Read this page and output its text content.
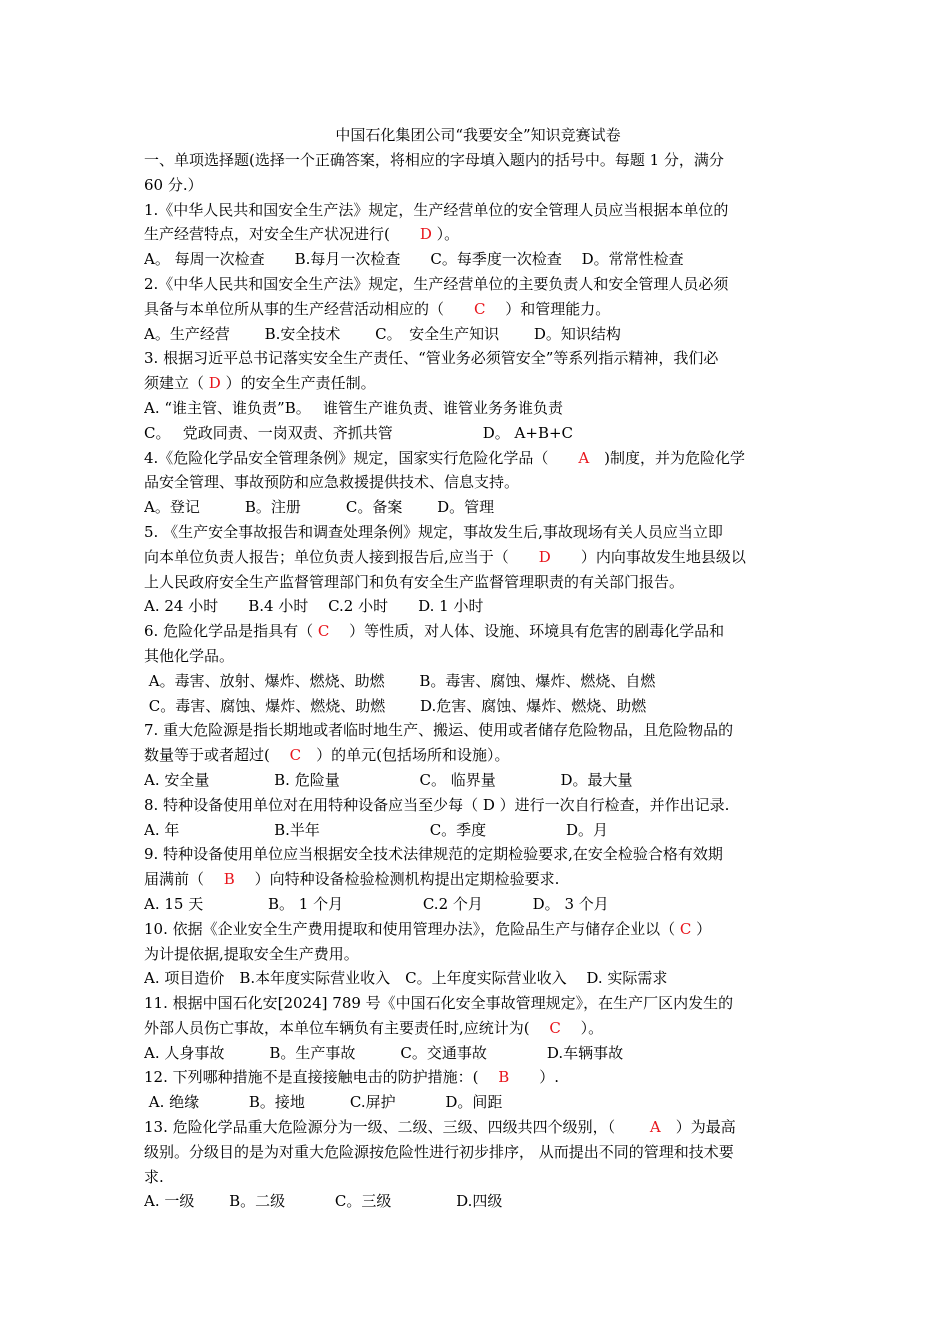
中国石化集团公司“我要安全”知识竞赛试卷
一、单项选择题(选择一个正确答案，将相应的字母填入题内的括号中。每题 1 分，满分
60 分.）
1.《中华人民共和国安全生产法》规定，生产经营单位的安全管理人员应当根据本单位的
生产经营特点，对安全生产状况进行(　　D ）。
A。 每周一次检查　　B.每月一次检查　　C。每季度一次检查　 D。常常性检查
2.《中华人民共和国安全生产法》规定，生产经营单位的主要负责人和安全管理人员必须
具备与本单位所从事的生产经营活动相应的（　　C　 ）和管理能力。
A。生产经营　　 B.安全技术　　 C。　安全生产知识　　 D。知识结构
3. 根据习近平总书记落实安全生产责任、“管业务必须管安全”等系列指示精神，我们必
须建立（ D ）的安全生产责任制。
A. “谁主管、谁负责”B。　 谁管生产谁负责、谁管业务务谁负责
C。　 党政同责、一岗双责、齐抓共管　　　　　　D。 A+B+C
4.《危险化学品安全管理条例》规定，国家实行危险化学品（　　A　)制度，并为危险化学
品安全管理、事故预防和应急救援提供技术、信息支持。
A。登记　　　B。注册　　　C。备案　　 D。管理
5. 《生产安全事故报告和调查处理条例》规定，事故发生后,事故现场有关人员应当立即
向本单位负责人报告；单位负责人接到报告后,应当于（　　D　　）内向事故发生地县级以
上人民政府安全生产监督管理部门和负有安全生产监督管理职责的有关部门报告。
A. 24 小时　　B.4 小时　 C.2 小时　　D. 1 小时
6. 危险化学品是指具有（ C　 ）等性质，对人体、设施、环境具有危害的剧毒化学品和
其他化学品。
A。毒害、放射、爆炸、燃烧、助燃　　 B。毒害、腐蚀、爆炸、燃烧、自燃
C。毒害、腐蚀、爆炸、燃烧、助燃　　 D.危害、腐蚀、爆炸、燃烧、助燃
7. 重大危险源是指长期地或者临时地生产、搬运、使用或者储存危险物品，且危险物品的
数量等于或者超过(　 C　）的单元(包括场所和设施）。
A. 安全量　　　　 B. 危险量　　　　　 C。 临界量　　　　 D。最大量
8. 特种设备使用单位对在用特种设备应当至少每（ D ）进行一次自行检查，并作出记录.
A. 年　　　　　　 B.半年　　　　　　　 C。季度　　　　　 D。月
9. 特种设备使用单位应当根据安全技术法律规范的定期检验要求,在安全检验合格有效期
届满前（　 B　 ）向特种设备检验检测机构提出定期检验要求.
A. 15 天　　　　 B。 1 个月　　　　　 C.2 个月　　　 D。 3 个月
10. 依据《企业安全生产费用提取和使用管理办法》，危险品生产与储存企业以（ C ）
为计提依据,提取安全生产费用。
A. 项目造价　B.本年度实际营业收入　C。上年度实际营业收入　 D. 实际需求
11. 根据中国石化安[2024] 789 号《中国石化安全事故管理规定》，在生产厂区内发生的
外部人员伤亡事故，本单位车辆负有主要责任时,应统计为(　 C　 ）。
A. 人身事故　　　B。生产事故　　　C。交通事故　　　　D.车辆事故
12. 下列哪种措施不是直接接触电击的防护措施：(　 B　　）.
A. 绝缘　　　 B。接地　　　C.屏护　　　 D。间距
13. 危险化学品重大危险源分为一级、二级、三级、四级共四个级别，（　　 A　）为最高
级别。分级目的是为对重大危险源按危险性进行初步排序， 从而提出不同的管理和技术要
求.
A. 一级　　 B。二级　　　 C。三级　　　　 D.四级
